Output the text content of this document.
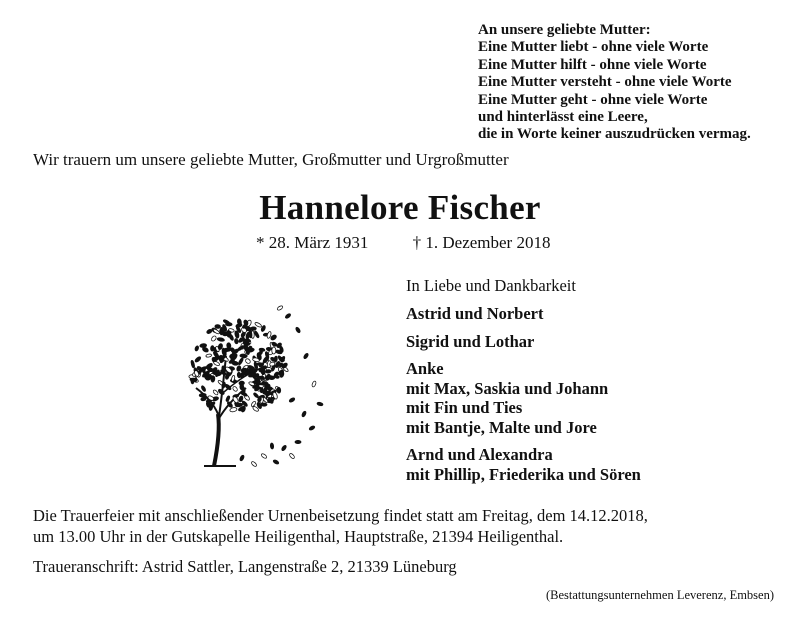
An unsere geliebte Mutter:
Eine Mutter liebt - ohne viele Worte
Eine Mutter hilft - ohne viele Worte
Eine Mutter versteht - ohne viele Worte
Eine Mutter geht - ohne viele Worte
und hinterlässt eine Leere,
die in Worte keiner auszudrücken vermag.
Wir trauern um unsere geliebte Mutter, Großmutter und Urgroßmutter
Hannelore Fischer
* 28. März 1931	† 1. Dezember 2018
In Liebe und Dankbarkeit
Astrid und Norbert
Sigrid und Lothar
Anke
mit Max, Saskia und Johann
mit Fin und Ties
mit Bantje, Malte und Jore
Arnd und Alexandra
mit Phillip, Friederika und Sören
Die Trauerfeier mit anschließender Urnenbeisetzung findet statt am Freitag, dem 14.12.2018,
um 13.00 Uhr in der Gutskapelle Heiligenthal, Hauptstraße, 21394 Heiligenthal.
Traueranschrift: Astrid Sattler, Langenstraße 2, 21339 Lüneburg
(Bestattungsunternehmen Leverenz, Embsen)
